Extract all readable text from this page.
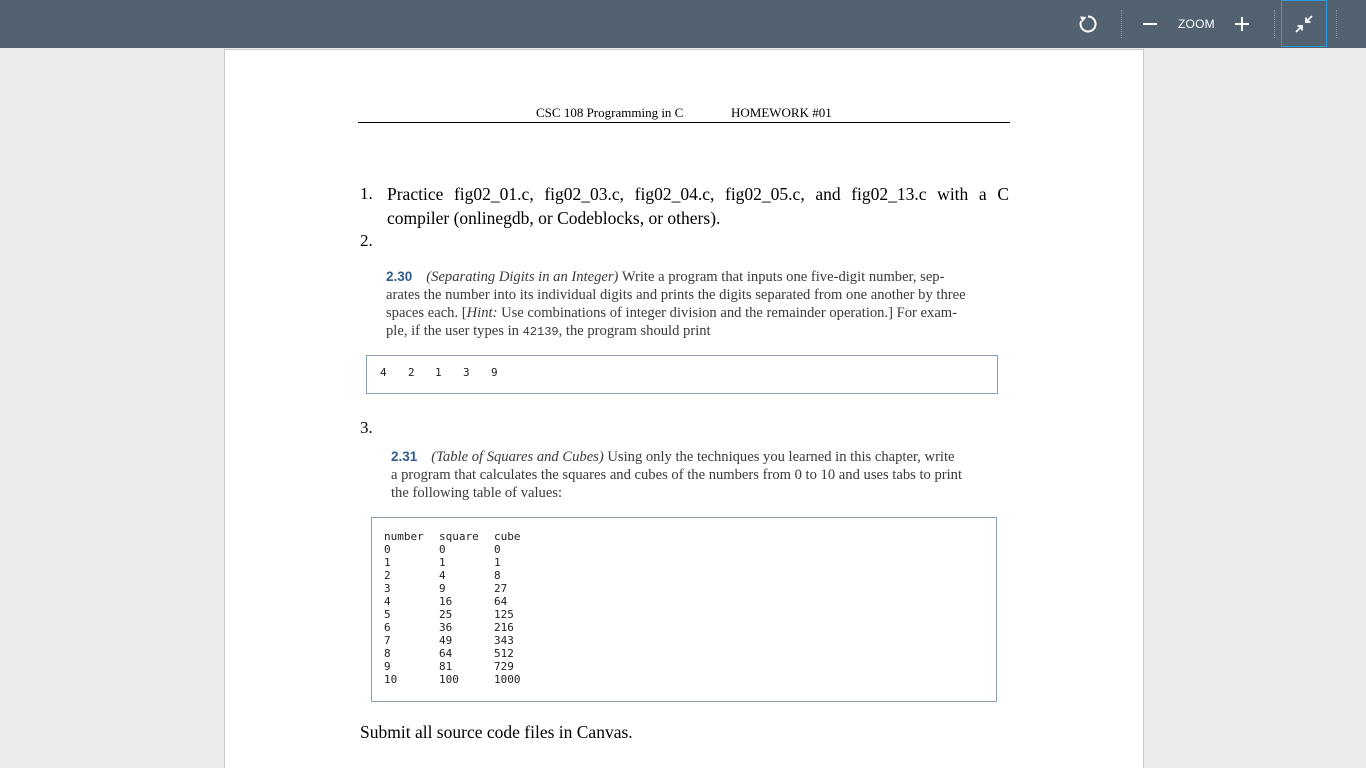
ZOOM
CSC 108 Programming in C	HOMEWORK #01
1. Practice fig02_01.c, fig02_03.c, fig02_04.c, fig02_05.c, and fig02_13.c with a C compiler (onlinegdb, or Codeblocks, or others).
2.
2.30 (Separating Digits in an Integer) Write a program that inputs one five-digit number, sep-
arates the number into its individual digits and prints the digits separated from one another by three
spaces each. [Hint: Use combinations of integer division and the remainder operation.] For exam-
ple, if the user types in 42139, the program should print
4 2 1 3 9
3.
2.31 (Table of Squares and Cubes) Using only the techniques you learned in this chapter, write
a program that calculates the squares and cubes of the numbers from 0 to 10 and uses tabs to print
the following table of values:
number square cube
0	0	0
1	1	1
2	4	8
3	9	27
4	16	64
5	25	125
6	36	216
7	49	343
8	64	512
9	81	729
10	100	1000
Submit all source code files in Canvas.
